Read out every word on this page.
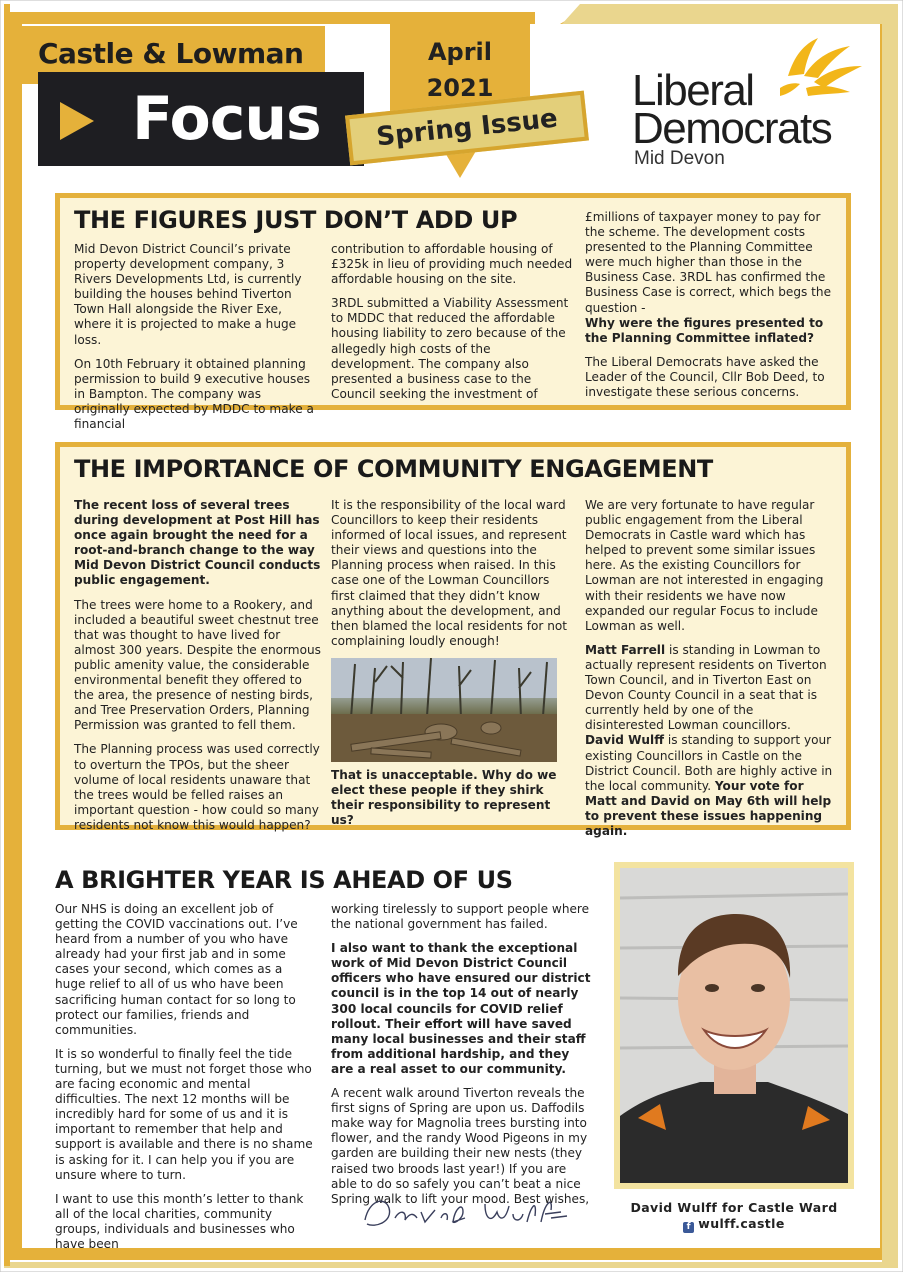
Castle & Lowman
Focus
April
2021
Spring Issue
Liberal
Democrats
Mid Devon
THE FIGURES JUST DON’T ADD UP

Mid Devon District Council’s private property development company, 3 Rivers Developments Ltd, is currently building the houses behind Tiverton Town Hall alongside the River Exe, where it is projected to make a huge loss.

On 10th February it obtained planning permission to build 9 executive houses in Bampton. The company was originally expected by MDDC to make a financial

contribution to affordable housing of £325k in lieu of providing much needed affordable housing on the site.

3RDL submitted a Viability Assessment to MDDC that reduced the affordable housing liability to zero because of the allegedly high costs of the development. The company also presented a business case to the Council seeking the investment of

£millions of taxpayer money to pay for the scheme. The development costs presented to the Planning Committee were much higher than those in the Business Case. 3RDL has confirmed the Business Case is correct, which begs the question -
Why were the figures presented to the Planning Committee inflated?

The Liberal Democrats have asked the Leader of the Council, Cllr Bob Deed, to investigate these serious concerns.

THE IMPORTANCE OF COMMUNITY ENGAGEMENT

The recent loss of several trees during development at Post Hill has once again brought the need for a root-and-branch change to the way Mid Devon District Council conducts public engagement.

The trees were home to a Rookery, and included a beautiful sweet chestnut tree that was thought to have lived for almost 300 years. Despite the enormous public amenity value, the considerable environmental benefit they offered to the area, the presence of nesting birds, and Tree Preservation Orders, Planning Permission was granted to fell them.

The Planning process was used correctly to overturn the TPOs, but the sheer volume of local residents unaware that the trees would be felled raises an important question - how could so many residents not know this would happen?

It is the responsibility of the local ward Councillors to keep their residents informed of local issues, and represent their views and questions into the Planning process when raised. In this case one of the Lowman Councillors first claimed that they didn’t know anything about the development, and then blamed the local residents for not complaining loudly enough!

That is unacceptable. Why do we elect these people if they shirk their responsibility to represent us?

We are very fortunate to have regular public engagement from the Liberal Democrats in Castle ward which has helped to prevent some similar issues here. As the existing Councillors for Lowman are not interested in engaging with their residents we have now expanded our regular Focus to include Lowman as well.

Matt Farrell is standing in Lowman to actually represent residents on Tiverton Town Council, and in Tiverton East on Devon County Council in a seat that is currently held by one of the disinterested Lowman councillors. David Wulff is standing to support your existing Councillors in Castle on the District Council. Both are highly active in the local community. Your vote for Matt and David on May 6th will help to prevent these issues happening again.

A BRIGHTER YEAR IS AHEAD OF US

Our NHS is doing an excellent job of getting the COVID vaccinations out. I’ve heard from a number of you who have already had your first jab and in some cases your second, which comes as a huge relief to all of us who have been sacrificing human contact for so long to protect our families, friends and communities.

It is so wonderful to finally feel the tide turning, but we must not forget those who are facing economic and mental difficulties. The next 12 months will be incredibly hard for some of us and it is important to remember that help and support is available and there is no shame is asking for it. I can help you if you are unsure where to turn.

I want to use this month’s letter to thank all of the local charities, community groups, individuals and businesses who have been

working tirelessly to support people where the national government has failed.

I also want to thank the exceptional work of Mid Devon District Council officers who have ensured our district council is in the top 14 out of nearly 300 local councils for COVID relief rollout. Their effort will have saved many local businesses and their staff from additional hardship, and they are a real asset to our community.

A recent walk around Tiverton reveals the first signs of Spring are upon us. Daffodils make way for Magnolia trees bursting into flower, and the randy Wood Pigeons in my garden are building their new nests (they raised two broods last year!) If you are able to do so safely you can’t beat a nice Spring walk to lift your mood. Best wishes,

David Wulff for Castle Ward
f wulff.castle
